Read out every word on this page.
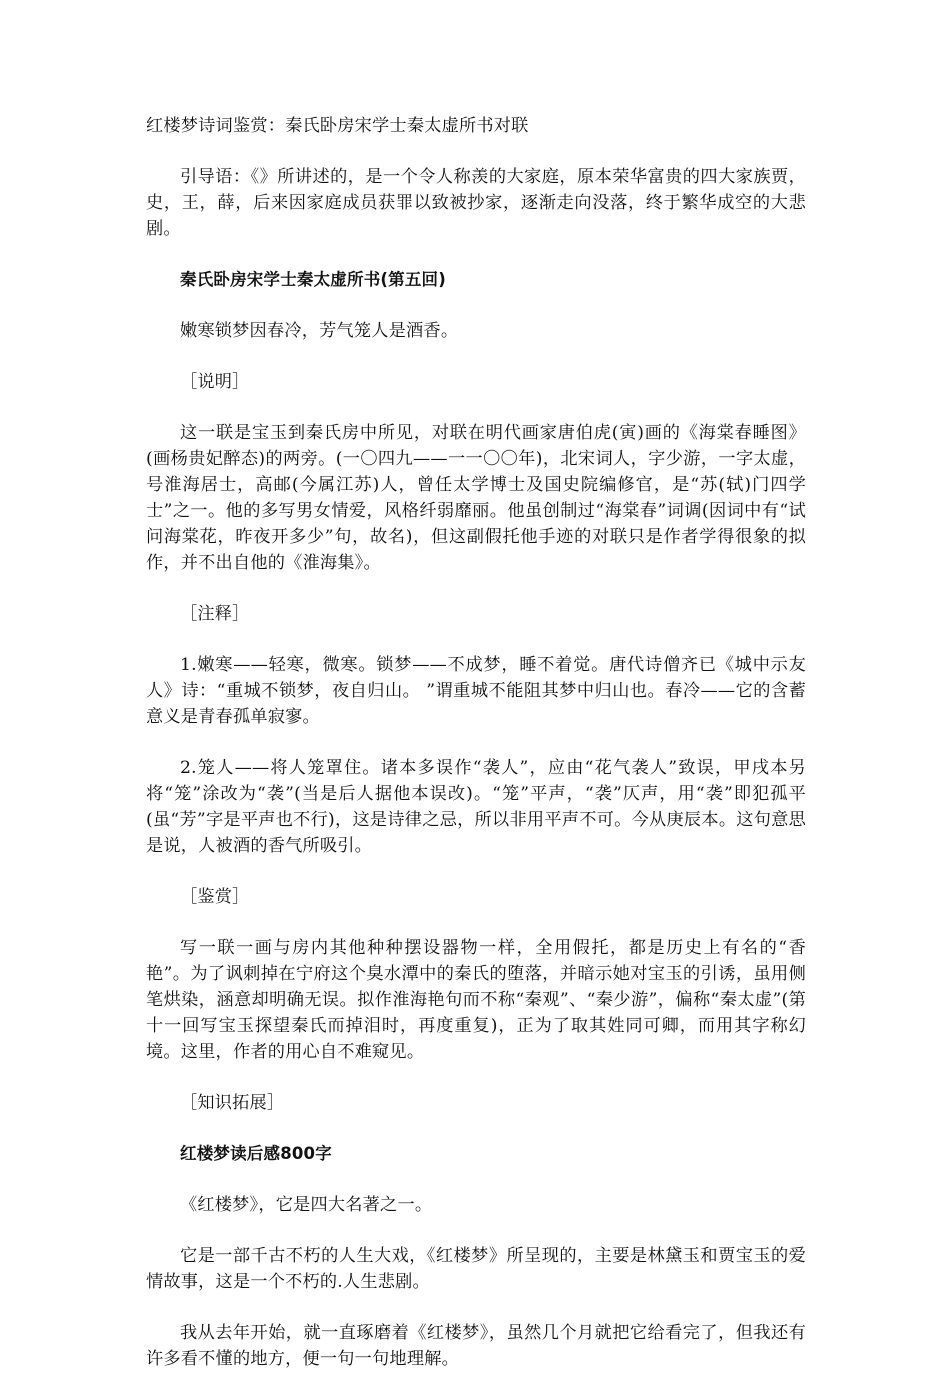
红楼梦诗词鉴赏：秦氏卧房宋学士秦太虚所书对联

引导语：《》所讲述的，是一个令人称羡的大家庭，原本荣华富贵的四大家族贾，史，王，薛，后来因家庭成员获罪以致被抄家，逐渐走向没落，终于繁华成空的大悲剧。

秦氏卧房宋学士秦太虚所书(第五回)

嫩寒锁梦因春冷，芳气笼人是酒香。

［说明］

这一联是宝玉到秦氏房中所见，对联在明代画家唐伯虎(寅)画的《海棠春睡图》(画杨贵妃醉态)的两旁。(一〇四九——一一〇〇年)，北宋词人，字少游，一字太虚，号淮海居士，高邮(今属江苏)人，曾任太学博士及国史院编修官，是“苏(轼)门四学士”之一。他的多写男女情爱，风格纤弱靡丽。他虽创制过“海棠春”词调(因词中有“试问海棠花，昨夜开多少”句，故名)，但这副假托他手迹的对联只是作者学得很象的拟作，并不出自他的《淮海集》。

［注释］

1.嫩寒——轻寒，微寒。锁梦——不成梦，睡不着觉。唐代诗僧齐已《城中示友人》诗：“重城不锁梦，夜自归山。 ”谓重城不能阻其梦中归山也。春冷——它的含蓄意义是青春孤单寂寥。

2.笼人——将人笼罩住。诸本多误作“袭人”，应由“花气袭人”致误，甲戌本另将“笼”涂改为“袭”(当是后人据他本误改)。“笼”平声，“袭”仄声，用“袭”即犯孤平(虽“芳”字是平声也不行)，这是诗律之忌，所以非用平声不可。今从庚辰本。这句意思是说，人被酒的香气所吸引。

［鉴赏］

写一联一画与房内其他种种摆设器物一样，全用假托，都是历史上有名的“香艳”。为了讽刺掉在宁府这个臭水潭中的秦氏的堕落，并暗示她对宝玉的引诱，虽用侧笔烘染，涵意却明确无误。拟作淮海艳句而不称“秦观”、“秦少游”，偏称“秦太虚”(第十一回写宝玉探望秦氏而掉泪时，再度重复)，正为了取其姓同可卿，而用其字称幻境。这里，作者的用心自不难窥见。

［知识拓展］

红楼梦读后感800字

《红楼梦》，它是四大名著之一。

它是一部千古不朽的人生大戏，《红楼梦》所呈现的，主要是林黛玉和贾宝玉的爱情故事，这是一个不朽的.人生悲剧。

我从去年开始，就一直琢磨着《红楼梦》，虽然几个月就把它给看完了，但我还有许多看不懂的地方，便一句一句地理解。
